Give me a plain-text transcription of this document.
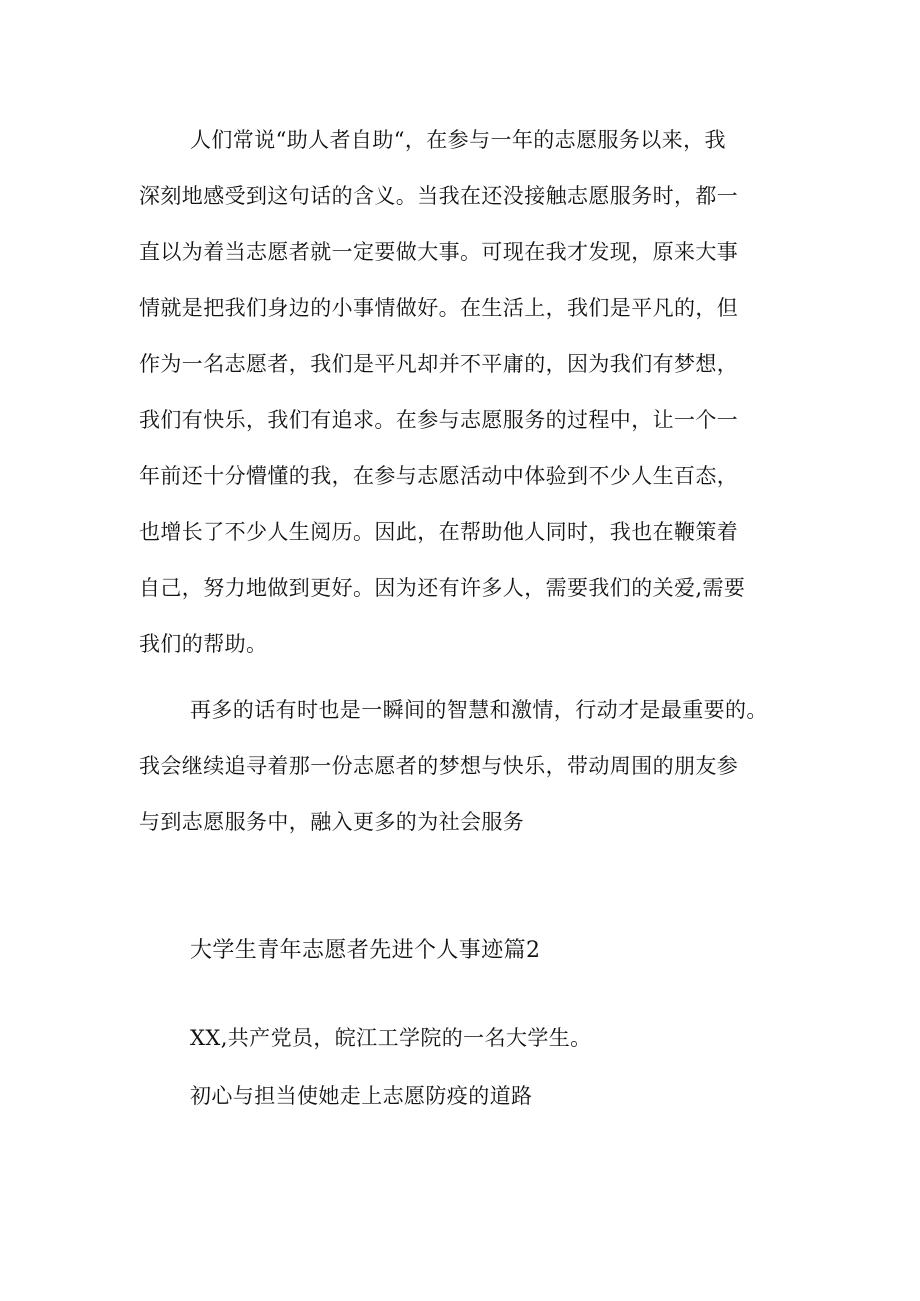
人们常说“助人者自助“，在参与一年的志愿服务以来，我
深刻地感受到这句话的含义。当我在还没接触志愿服务时，都一
直以为着当志愿者就一定要做大事。可现在我才发现，原来大事
情就是把我们身边的小事情做好。在生活上，我们是平凡的，但
作为一名志愿者，我们是平凡却并不平庸的，因为我们有梦想，
我们有快乐，我们有追求。在参与志愿服务的过程中，让一个一
年前还十分懵懂的我，在参与志愿活动中体验到不少人生百态，
也增长了不少人生阅历。因此，在帮助他人同时，我也在鞭策着
自己，努力地做到更好。因为还有许多人，需要我们的关爱,需要
我们的帮助。
再多的话有时也是一瞬间的智慧和激情，行动才是最重要的。
我会继续追寻着那一份志愿者的梦想与快乐，带动周围的朋友参
与到志愿服务中，融入更多的为社会服务
大学生青年志愿者先进个人事迹篇2
XX,共产党员，皖江工学院的一名大学生。
初心与担当使她走上志愿防疫的道路
